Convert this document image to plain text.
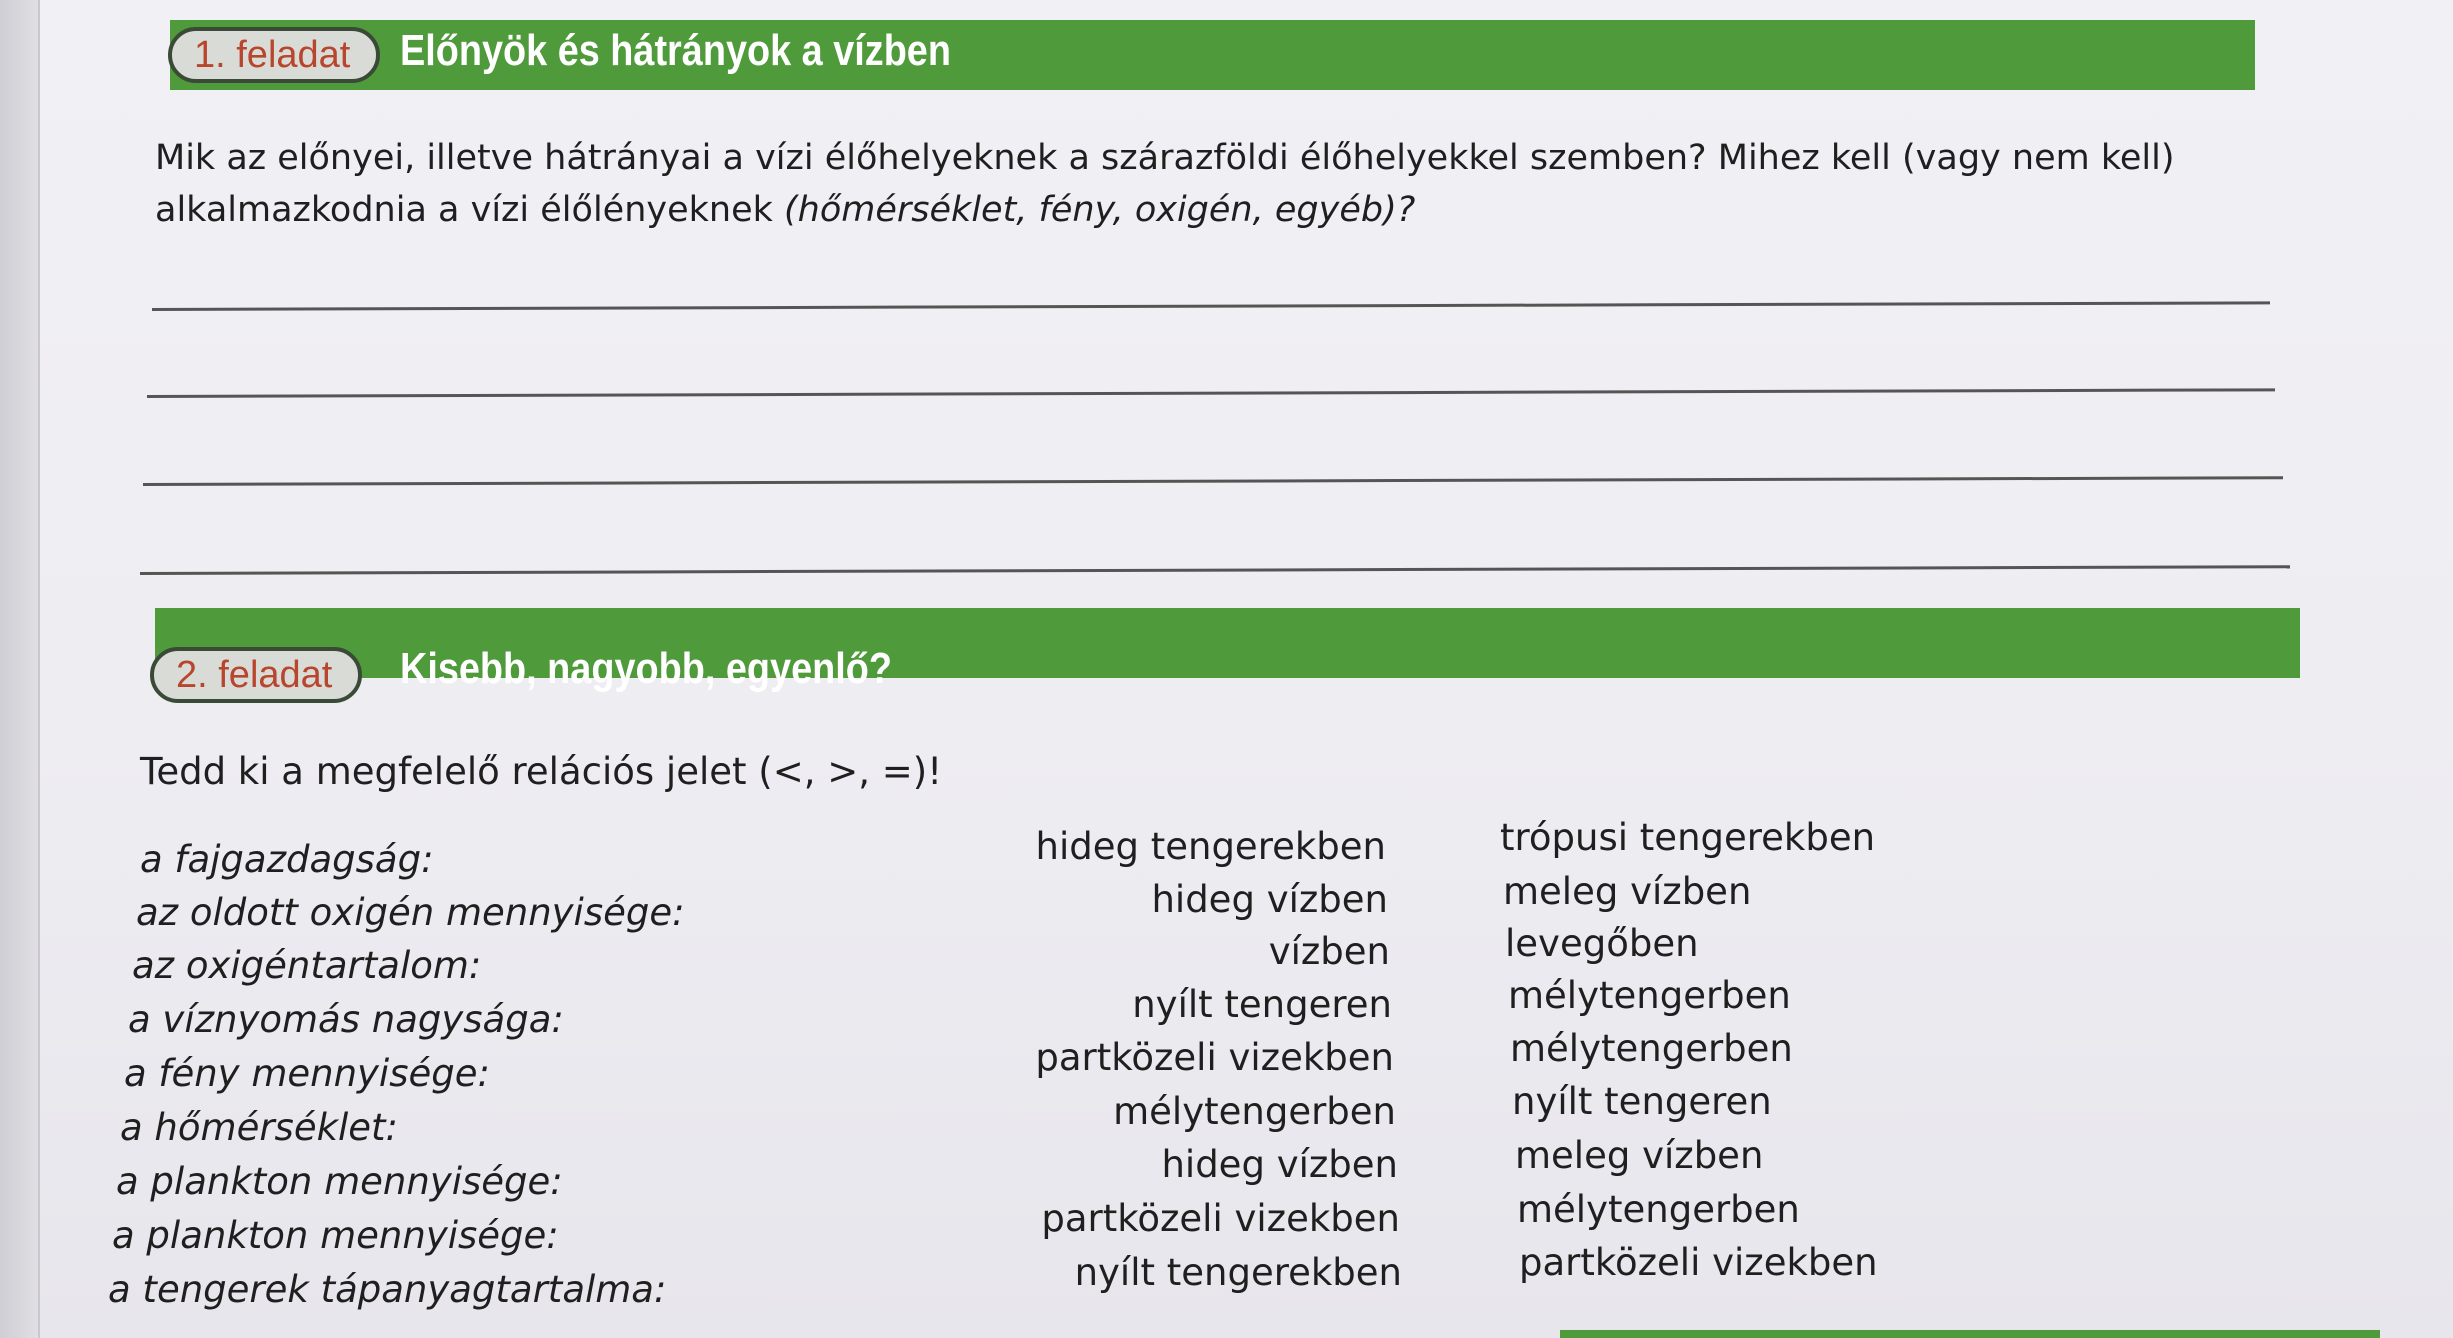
1. feladat Előnyök és hátrányok a vízben
Mik az előnyei, illetve hátrányai a vízi élőhelyeknek a szárazföldi élőhelyekkel szemben? Mihez kell (vagy nem kell) alkalmazkodnia a vízi élőlényeknek (hőmérséklet, fény, oxigén, egyéb)?
2. feladat Kisebb, nagyobb, egyenlő?
Tedd ki a megfelelő relációs jelet (<, >, =)!
a fajgazdagság:	hideg tengerekben	trópusi tengerekben
az oldott oxigén mennyisége:	hideg vízben	meleg vízben
az oxigéntartalom:	vízben	levegőben
a víznyomás nagysága:	nyílt tengeren	mélytengerben
a fény mennyisége:	partközeli vizekben	mélytengerben
a hőmérséklet:	mélytengerben	nyílt tengeren
a plankton mennyisége:	hideg vízben	meleg vízben
a plankton mennyisége:	partközeli vizekben	mélytengerben
a tengerek tápanyagtartalma:	nyílt tengerekben	partközeli vizekben
